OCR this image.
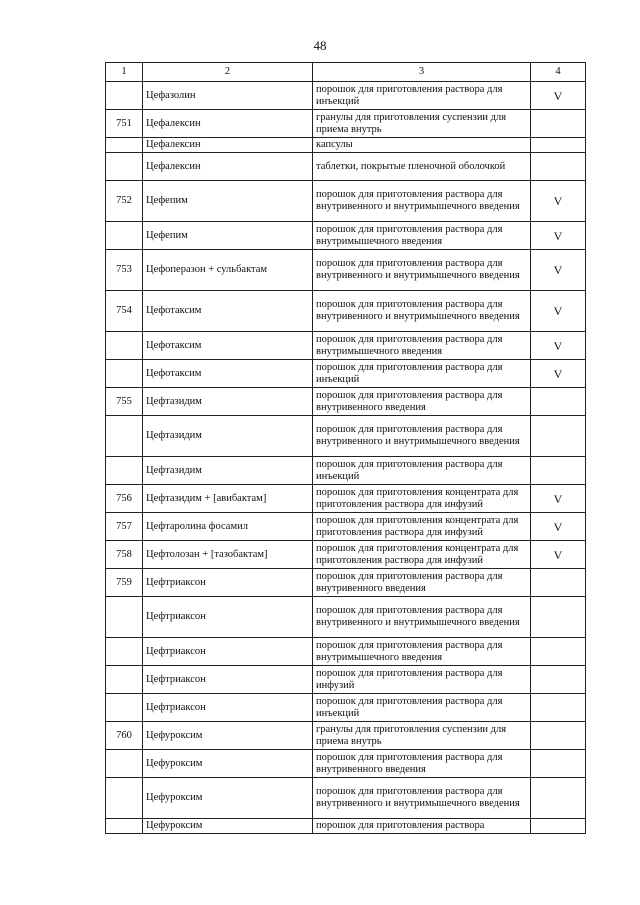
48
1	2	3	4
	Цефазолин	порошок для приготовления раствора для инъекций	V
751	Цефалексин	гранулы для приготовления суспензии для приема внутрь	
	Цефалексин	капсулы	
	Цефалексин	таблетки, покрытые пленочной оболочкой	
752	Цефепим	порошок для приготовления раствора для внутривенного и внутримышечного введения	V
	Цефепим	порошок для приготовления раствора для внутримышечного введения	V
753	Цефоперазон + сульбактам	порошок для приготовления раствора для внутривенного и внутримышечного введения	V
754	Цефотаксим	порошок для приготовления раствора для внутривенного и внутримышечного введения	V
	Цефотаксим	порошок для приготовления раствора для внутримышечного введения	V
	Цефотаксим	порошок для приготовления раствора для инъекций	V
755	Цефтазидим	порошок для приготовления раствора для внутривенного введения	
	Цефтазидим	порошок для приготовления раствора для внутривенного и внутримышечного введения	
	Цефтазидим	порошок для приготовления раствора для инъекций	
756	Цефтазидим + [авибактам]	порошок для приготовления концентрата для приготовления раствора для инфузий	V
757	Цефтаролина фосамил	порошок для приготовления концентрата для приготовления раствора для инфузий	V
758	Цефтолозан + [тазобактам]	порошок для приготовления концентрата для приготовления раствора для инфузий	V
759	Цефтриаксон	порошок для приготовления раствора для внутривенного введения	
	Цефтриаксон	порошок для приготовления раствора для внутривенного и внутримышечного введения	
	Цефтриаксон	порошок для приготовления раствора для внутримышечного введения	
	Цефтриаксон	порошок для приготовления раствора для инфузий	
	Цефтриаксон	порошок для приготовления раствора для инъекций	
760	Цефуроксим	гранулы для приготовления суспензии для приема внутрь	
	Цефуроксим	порошок для приготовления раствора для внутривенного введения	
	Цефуроксим	порошок для приготовления раствора для внутривенного и внутримышечного введения	
	Цефуроксим	порошок для приготовления раствора	
